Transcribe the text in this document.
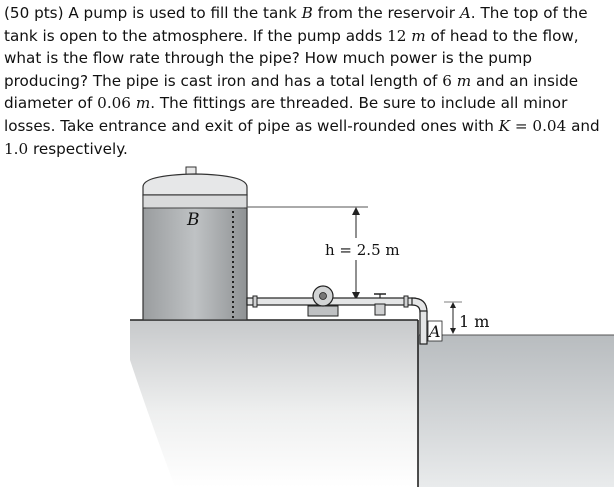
(50 pts) A pump is used to fill the tank B from the reservoir A. The top of the tank is open to the atmosphere. If the pump adds 12 m of head to the flow, what is the flow rate through the pipe? How much power is the pump producing? The pipe is cast iron and has a total length of 6 m and an inside diameter of 0.06 m. The fittings are threaded. Be sure to include all minor losses. Take entrance and exit of pipe as well-rounded ones with K = 0.04 and 1.0 respectively.

B
h = 2.5 m
A
1 m
